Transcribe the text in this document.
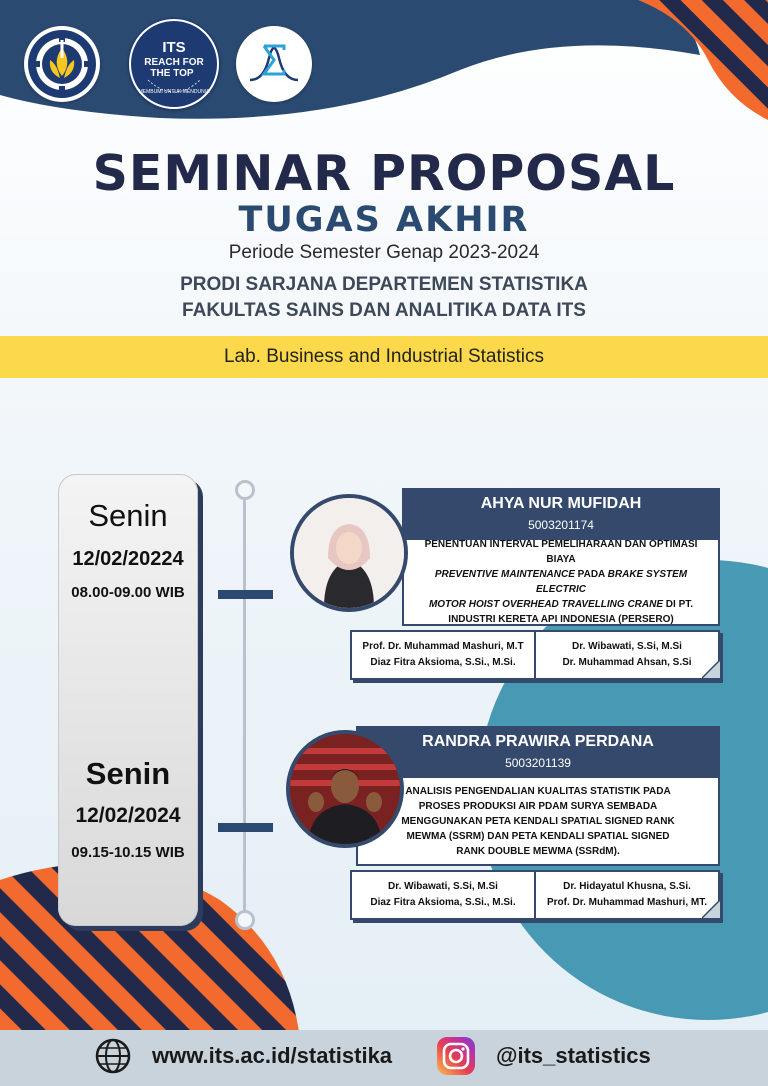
ITS
REACH FOR
THE TOP
MEMBUMI UNTUK MENDUNIA
SEMINAR PROPOSAL
TUGAS AKHIR
Periode Semester Genap 2023-2024
PRODI SARJANA DEPARTEMEN STATISTIKA
FAKULTAS SAINS DAN ANALITIKA DATA ITS
Lab. Business and Industrial Statistics
Senin
12/02/20224
08.00-09.00 WIB
Senin
12/02/2024
09.15-10.15 WIB
AHYA NUR MUFIDAH
5003201174
PENENTUAN INTERVAL PEMELIHARAAN DAN OPTIMASI BIAYA
PREVENTIVE MAINTENANCE PADA BRAKE SYSTEM ELECTRIC
MOTOR HOIST OVERHEAD TRAVELLING CRANE DI PT.
INDUSTRI KERETA API INDONESIA (PERSERO)
Prof. Dr. Muhammad Mashuri, M.T
Diaz Fitra Aksioma, S.Si., M.Si.
Dr. Wibawati, S.Si, M.Si
Dr. Muhammad Ahsan, S.Si
RANDRA PRAWIRA PERDANA
5003201139
ANALISIS PENGENDALIAN KUALITAS STATISTIK PADA
PROSES PRODUKSI AIR PDAM SURYA SEMBADA
MENGGUNAKAN PETA KENDALI SPATIAL SIGNED RANK
MEWMA (SSRM) DAN PETA KENDALI SPATIAL SIGNED
RANK DOUBLE MEWMA (SSRdM).
Dr. Wibawati, S.Si, M.Si
Diaz Fitra Aksioma, S.Si., M.Si.
Dr. Hidayatul Khusna, S.Si.
Prof. Dr. Muhammad Mashuri, MT.
www.its.ac.id/statistika	@its_statistics
